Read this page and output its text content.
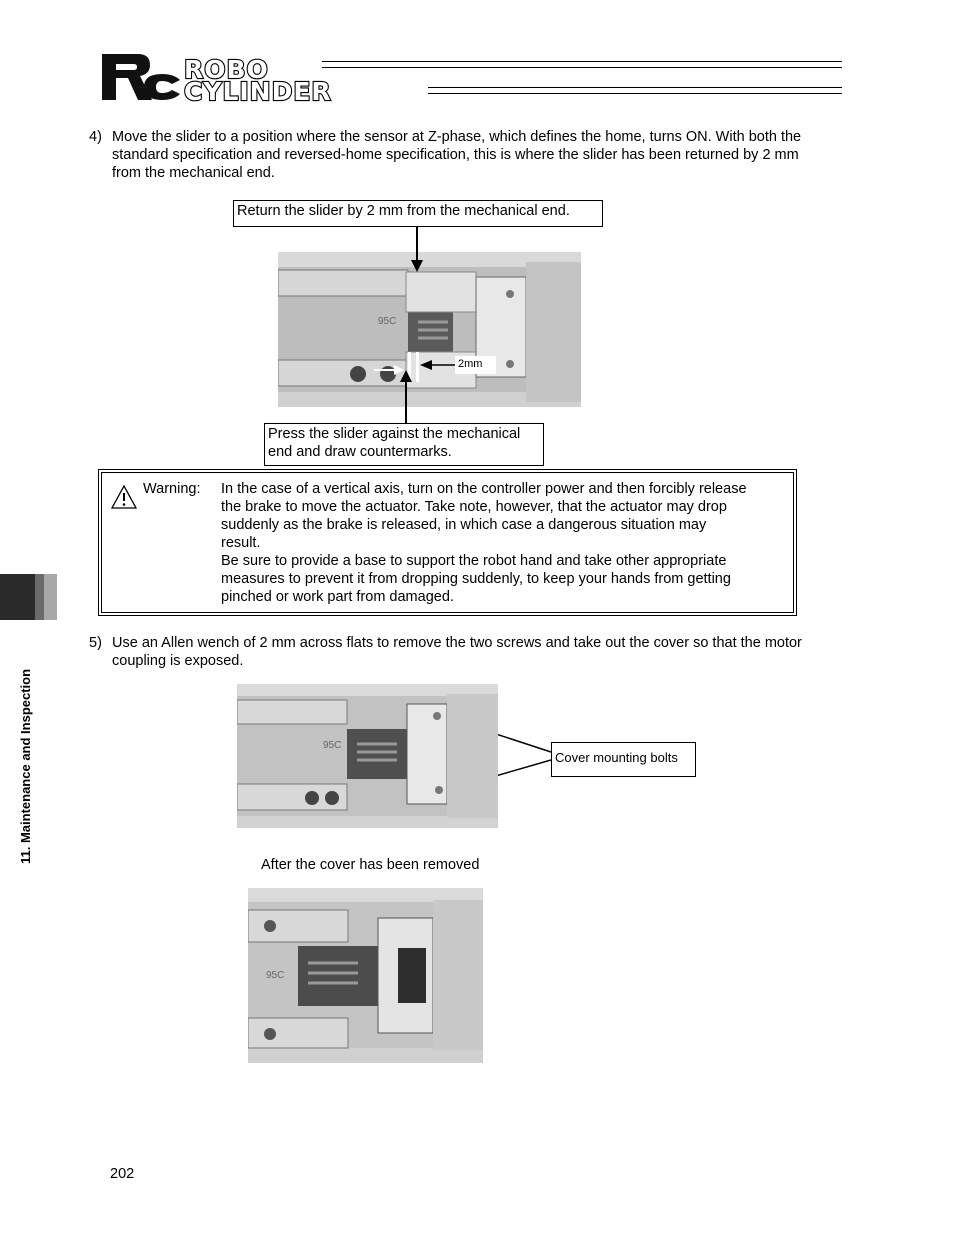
ROBO
CYLINDER
4) Move the slider to a position where the sensor at Z-phase, which defines the home, turns ON. With both the
standard specification and reversed-home specification, this is where the slider has been returned by 2 mm
from the mechanical end.
Return the slider by 2 mm from the mechanical end.
95C
2mm
Press the slider against the mechanical
end and draw countermarks.
Warning: In the case of a vertical axis, turn on the controller power and then forcibly release
the brake to move the actuator. Take note, however, that the actuator may drop
suddenly as the brake is released, in which case a dangerous situation may
result.
Be sure to provide a base to support the robot hand and take other appropriate
measures to prevent it from dropping suddenly, to keep your hands from getting
pinched or work part from damaged.
5) Use an Allen wench of 2 mm across flats to remove the two screws and take out the cover so that the motor
coupling is exposed.
95C
Cover mounting bolts
After the cover has been removed
95C
11. Maintenance and Inspection
202
